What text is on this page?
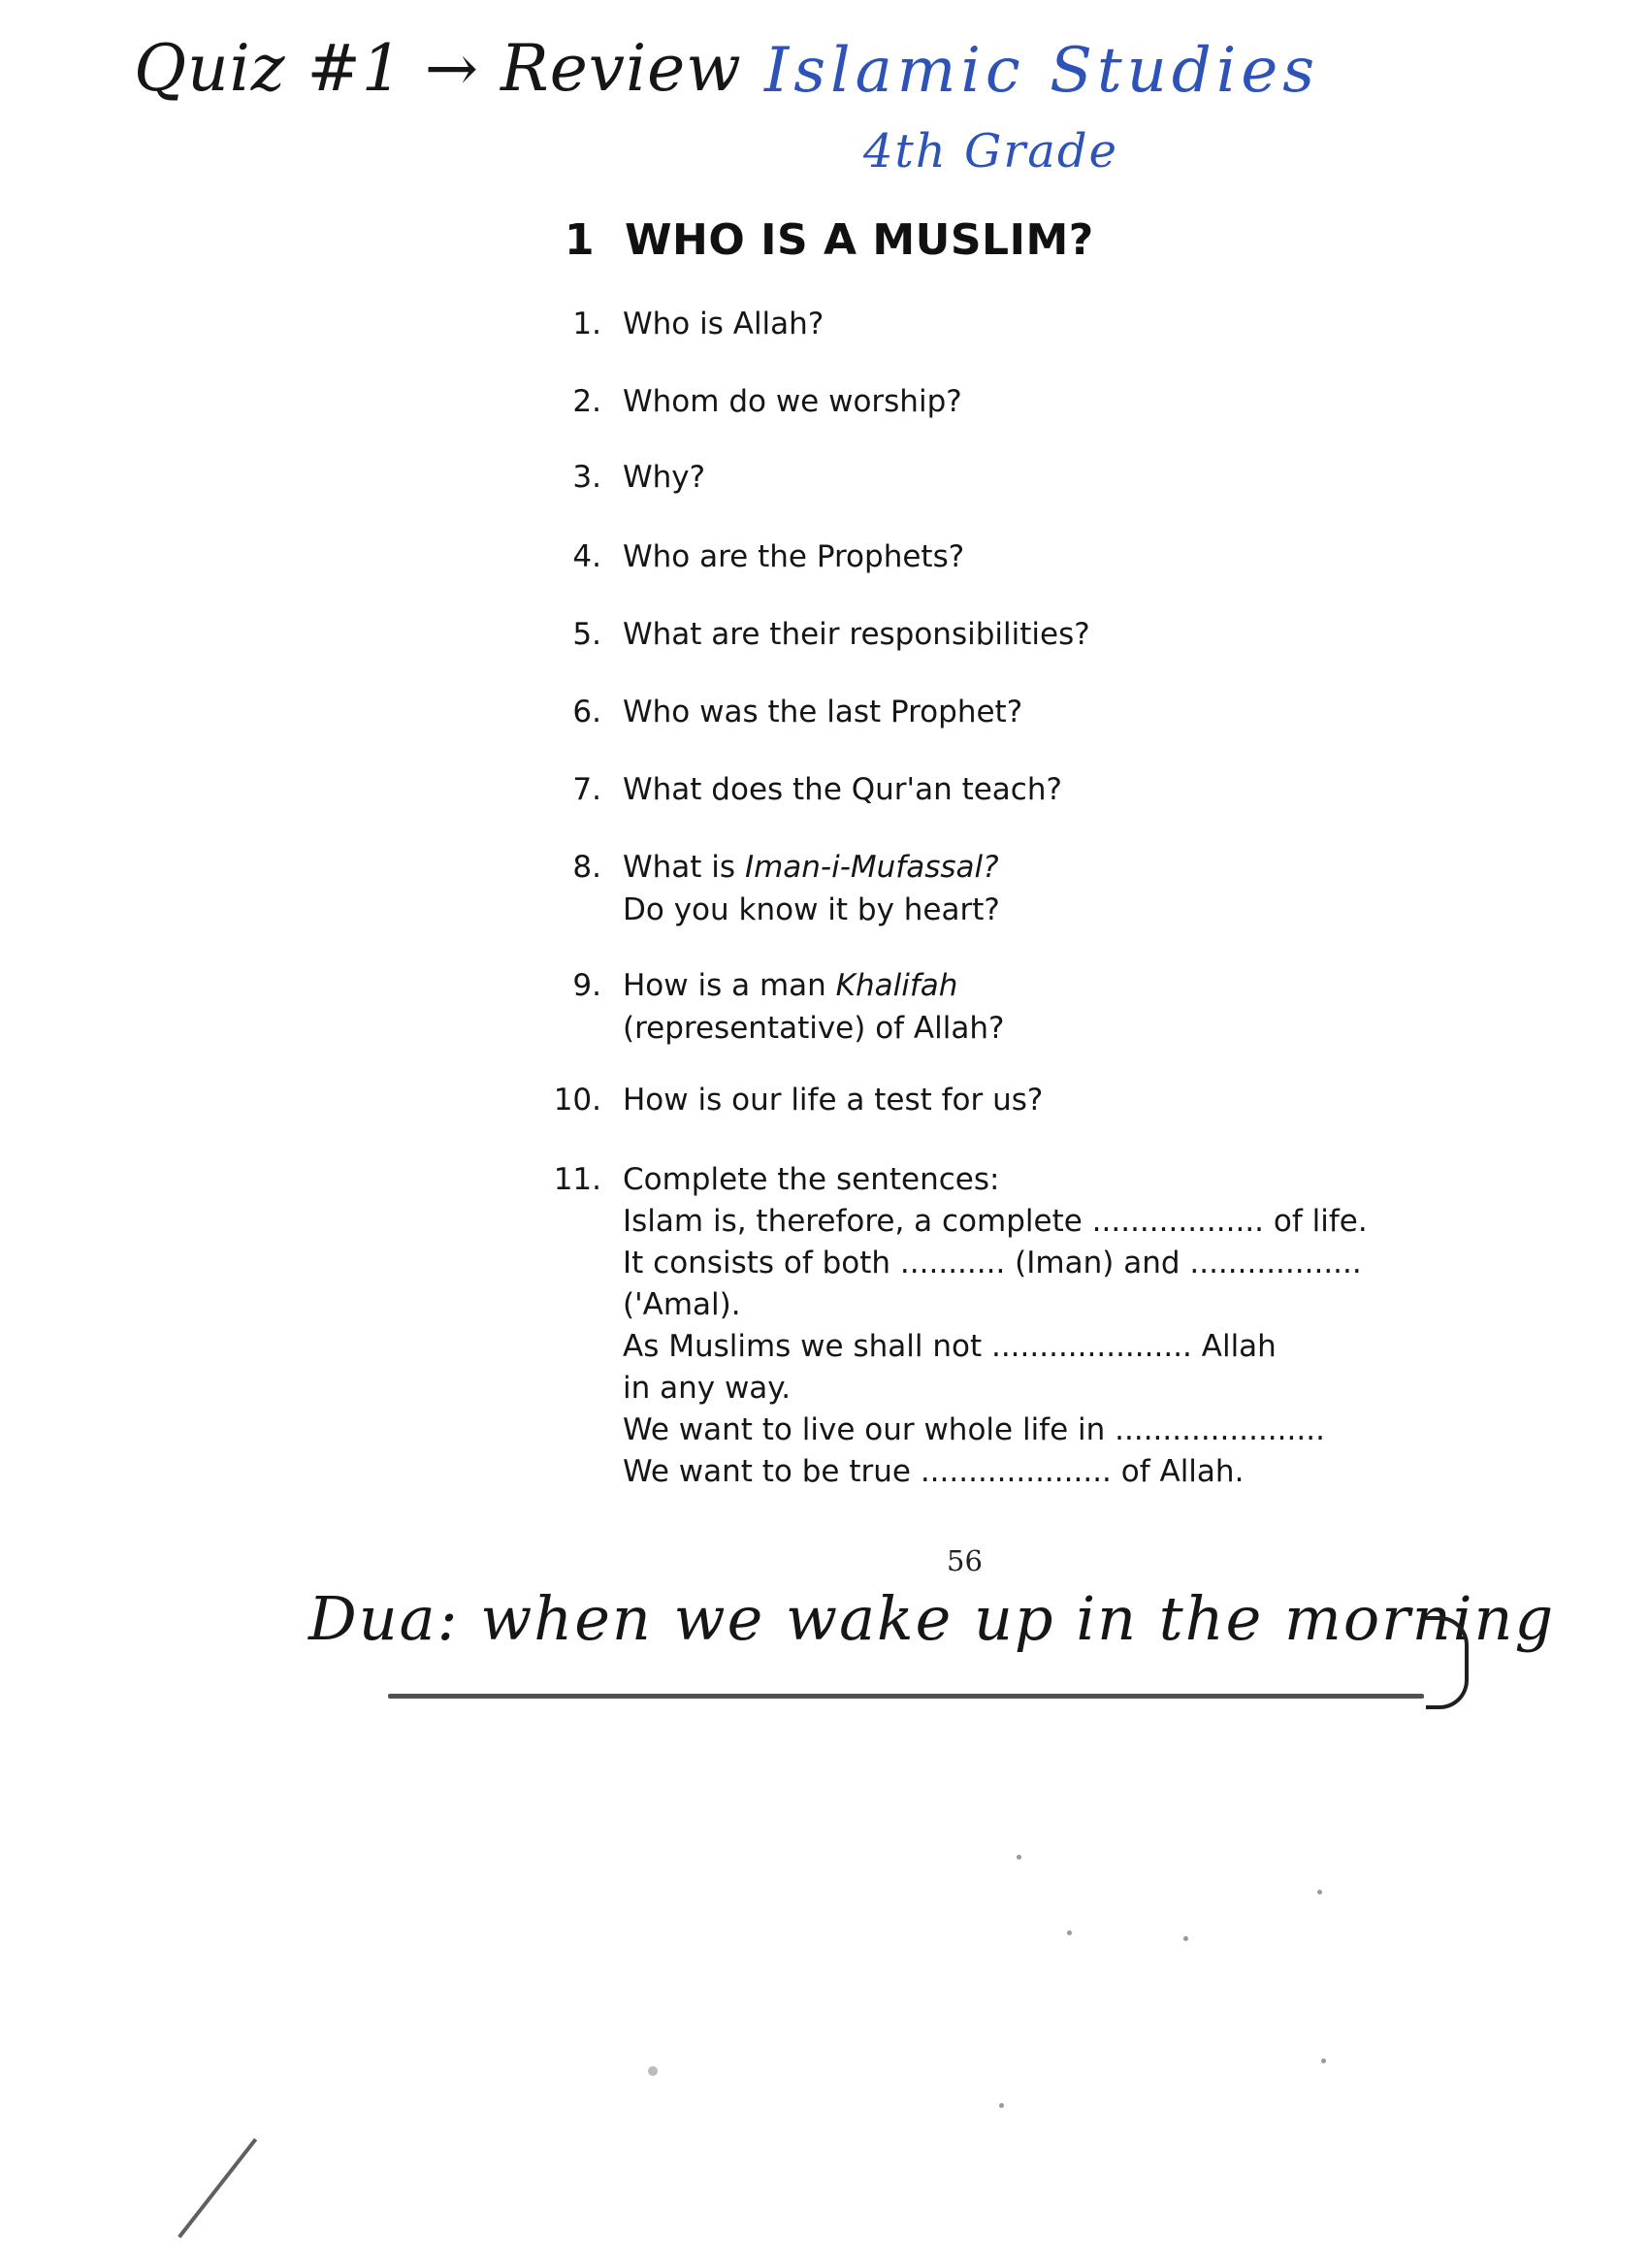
Quiz #1 → Review Islamic Studies
4th Grade
1 WHO IS A MUSLIM?
1. Who is Allah?
2. Whom do we worship?
3. Why?
4. Who are the Prophets?
5. What are their responsibilities?
6. Who was the last Prophet?
7. What does the Qur'an teach?
8. What is Iman-i-Mufassal?
Do you know it by heart?
9. How is a man Khalifah
(representative) of Allah?
10. How is our life a test for us?
11. Complete the sentences:
Islam is, therefore, a complete .................. of life.
It consists of both ........... (Iman) and ..................
('Amal).
As Muslims we shall not ..................... Allah
in any way.
We want to live our whole life in ......................
We want to be true .................... of Allah.
56
Dua: when we wake up in the morning
